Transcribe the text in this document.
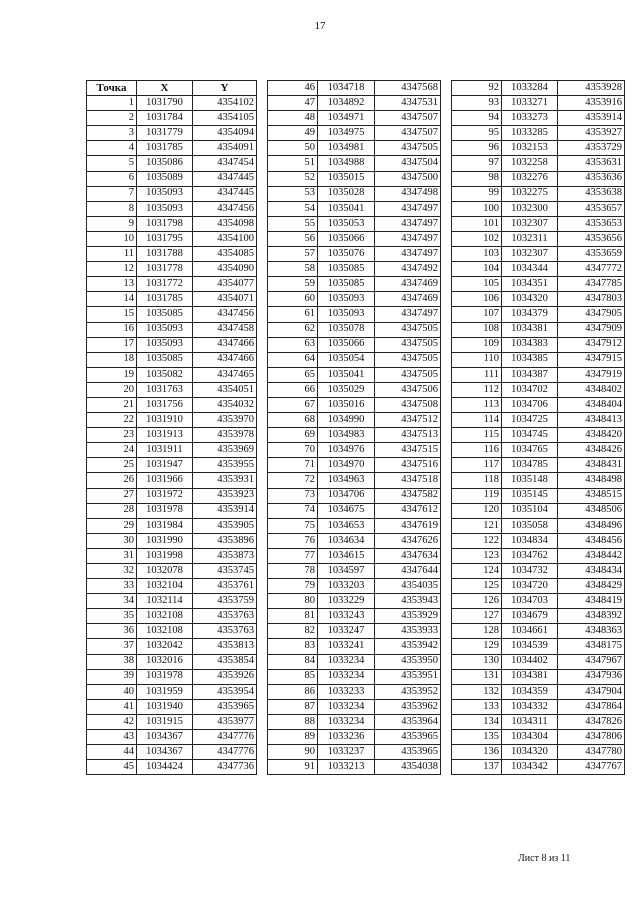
17
Точка	X	Y
1	1031790	4354102
2	1031784	4354105
3	1031779	4354094
4	1031785	4354091
5	1035086	4347454
6	1035089	4347445
7	1035093	4347445
8	1035093	4347456
9	1031798	4354098
10	1031795	4354100
11	1031788	4354085
12	1031778	4354090
13	1031772	4354077
14	1031785	4354071
15	1035085	4347456
16	1035093	4347458
17	1035093	4347466
18	1035085	4347466
19	1035082	4347465
20	1031763	4354051
21	1031756	4354032
22	1031910	4353970
23	1031913	4353978
24	1031911	4353969
25	1031947	4353955
26	1031966	4353931
27	1031972	4353923
28	1031978	4353914
29	1031984	4353905
30	1031990	4353896
31	1031998	4353873
32	1032078	4353745
33	1032104	4353761
34	1032114	4353759
35	1032108	4353763
36	1032108	4353763
37	1032042	4353813
38	1032016	4353854
39	1031978	4353926
40	1031959	4353954
41	1031940	4353965
42	1031915	4353977
43	1034367	4347776
44	1034367	4347776
45	1034424	4347736
46	1034718	4347568
47	1034892	4347531
48	1034971	4347507
49	1034975	4347507
50	1034981	4347505
51	1034988	4347504
52	1035015	4347500
53	1035028	4347498
54	1035041	4347497
55	1035053	4347497
56	1035066	4347497
57	1035076	4347497
58	1035085	4347492
59	1035085	4347469
60	1035093	4347469
61	1035093	4347497
62	1035078	4347505
63	1035066	4347505
64	1035054	4347505
65	1035041	4347505
66	1035029	4347506
67	1035016	4347508
68	1034990	4347512
69	1034983	4347513
70	1034976	4347515
71	1034970	4347516
72	1034963	4347518
73	1034706	4347582
74	1034675	4347612
75	1034653	4347619
76	1034634	4347626
77	1034615	4347634
78	1034597	4347644
79	1033203	4354035
80	1033229	4353943
81	1033243	4353929
82	1033247	4353933
83	1033241	4353942
84	1033234	4353950
85	1033234	4353951
86	1033233	4353952
87	1033234	4353962
88	1033234	4353964
89	1033236	4353965
90	1033237	4353965
91	1033213	4354038
92	1033284	4353928
93	1033271	4353916
94	1033273	4353914
95	1033285	4353927
96	1032153	4353729
97	1032258	4353631
98	1032276	4353636
99	1032275	4353638
100	1032300	4353657
101	1032307	4353653
102	1032311	4353656
103	1032307	4353659
104	1034344	4347772
105	1034351	4347785
106	1034320	4347803
107	1034379	4347905
108	1034381	4347909
109	1034383	4347912
110	1034385	4347915
111	1034387	4347919
112	1034702	4348402
113	1034706	4348404
114	1034725	4348413
115	1034745	4348420
116	1034765	4348426
117	1034785	4348431
118	1035148	4348498
119	1035145	4348515
120	1035104	4348506
121	1035058	4348496
122	1034834	4348456
123	1034762	4348442
124	1034732	4348434
125	1034720	4348429
126	1034703	4348419
127	1034679	4348392
128	1034661	4348363
129	1034539	4348175
130	1034402	4347967
131	1034381	4347936
132	1034359	4347904
133	1034332	4347864
134	1034311	4347826
135	1034304	4347806
136	1034320	4347780
137	1034342	4347767
Лист 8 из 11
